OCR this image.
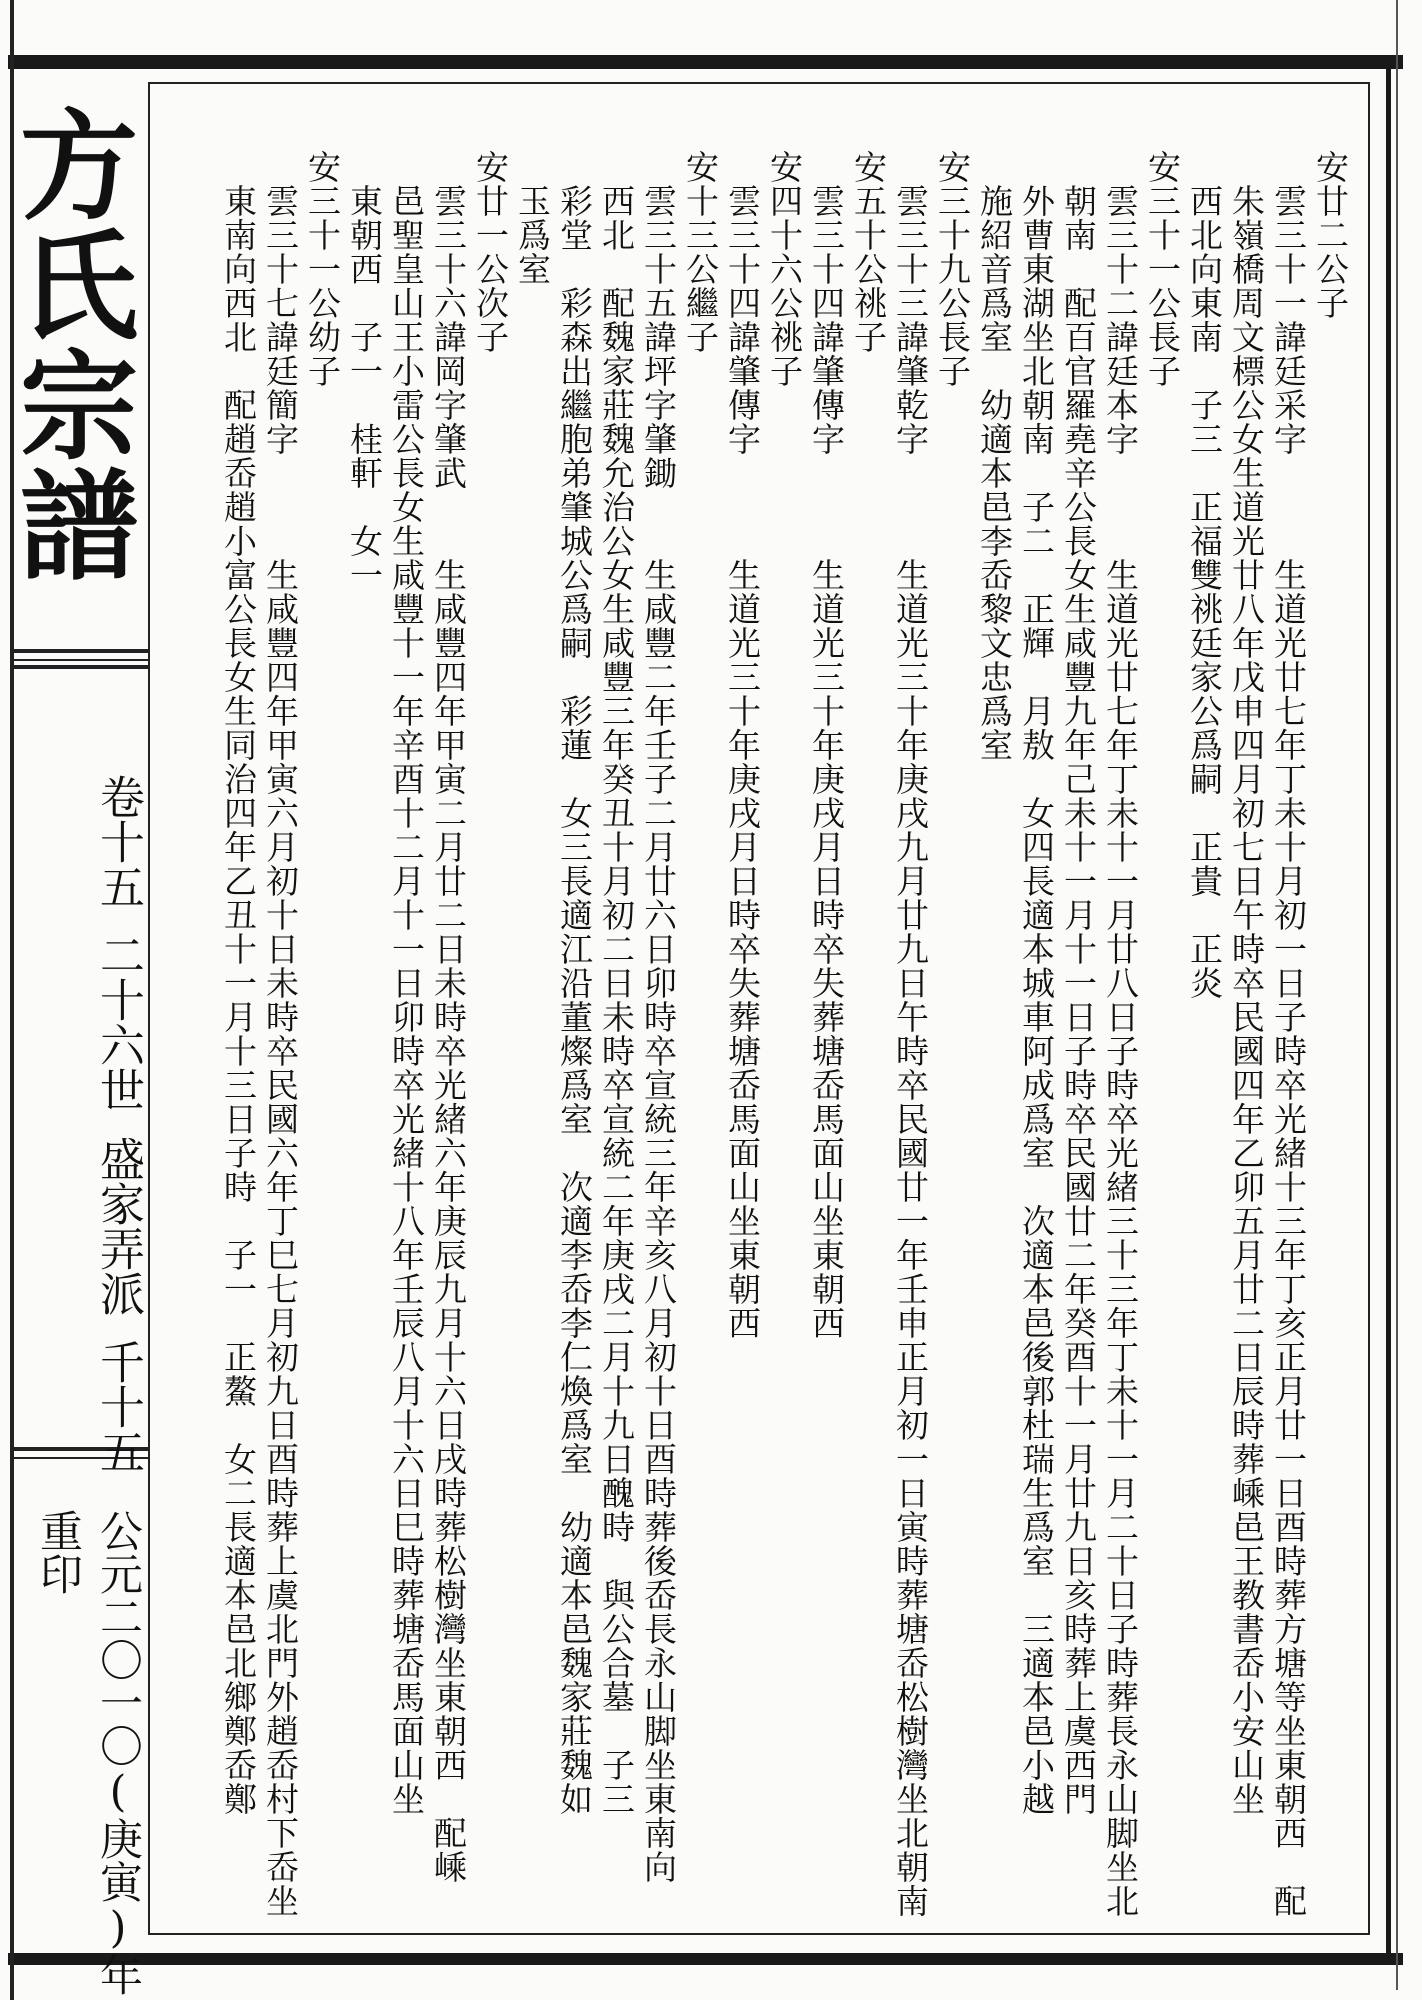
方氏宗譜
卷十五
二十六世
盛家弄派
千十五
公元二〇一〇(庚寅)年重印
安廿二公子
　雲三十一諱廷采字　　　生道光廿七年丁未十月初一日子時卒光緒十三年丁亥正月廿一日酉時葬方塘等坐東朝西　配
　朱嶺橋周文標公女生道光廿八年戊申四月初七日午時卒民國四年乙卯五月廿二日辰時葬嵊邑王教書岙小安山坐
　西北向東南　子三　正福雙祧廷家公爲嗣　正貴　正炎
安三十一公長子
　雲三十二諱廷本字　　　生道光廿七年丁未十一月廿八日子時卒光緒三十三年丁未十一月二十日子時葬長永山脚坐北
　朝南　配百官羅堯辛公長女生咸豐九年己未十一月十一日子時卒民國廿二年癸酉十一月廿九日亥時葬上虞西門
　外曹東湖坐北朝南　子二　正輝　月敖　女四長適本城車阿成爲室　次適本邑後郭杜瑞生爲室　三適本邑小越
　施紹音爲室　幼適本邑李岙黎文忠爲室
安三十九公長子
　雲三十三諱肇乾字　　　生道光三十年庚戌九月廿九日午時卒民國廿一年壬申正月初一日寅時葬塘岙松樹灣坐北朝南
安五十公祧子
　雲三十四諱肇傳字　　　生道光三十年庚戌月日時卒失葬塘岙馬面山坐東朝西
安四十六公祧子
　雲三十四諱肇傳字　　　生道光三十年庚戌月日時卒失葬塘岙馬面山坐東朝西
安十三公繼子
　雲三十五諱坪字肇鋤　　生咸豐二年壬子二月廿六日卯時卒宣統三年辛亥八月初十日酉時葬後岙長永山脚坐東南向
　西北　配魏家莊魏允治公女生咸豐三年癸丑十月初二日未時卒宣統二年庚戌二月十九日醜時　與公合墓　子三
　彩堂　彩森出繼胞弟肇城公爲嗣　彩蓮　女三長適江沿董燦爲室　次適李岙李仁煥爲室　幼適本邑魏家莊魏如
　玉爲室
安廿一公次子
　雲三十六諱岡字肇武　　生咸豐四年甲寅二月廿二日未時卒光緒六年庚辰九月十六日戌時葬松樹灣坐東朝西　配嵊
　邑聖皇山王小雷公長女生咸豐十一年辛酉十二月十一日卯時卒光緒十八年壬辰八月十六日巳時葬塘岙馬面山坐
　東朝西　子一　桂軒　女一
安三十一公幼子
　雲三十七諱廷簡字　　　生咸豐四年甲寅六月初十日未時卒民國六年丁巳七月初九日酉時葬上虞北門外趙岙村下岙坐
　東南向西北　配趙岙趙小富公長女生同治四年乙丑十一月十三日子時　子一　正鰲　女二長適本邑北鄉鄭岙鄭
